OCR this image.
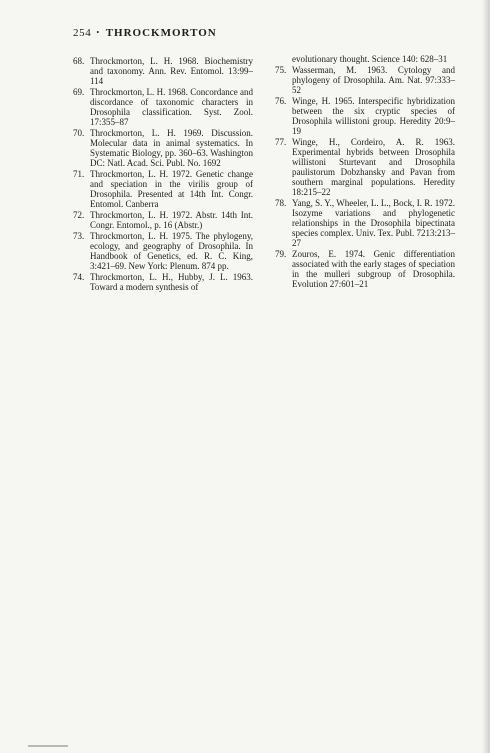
254 • THROCKMORTON
68. Throckmorton, L. H. 1968. Biochemistry and taxonomy. Ann. Rev. Entomol. 13:99–114
69. Throckmorton, L. H. 1968. Concordance and discordance of taxonomic characters in Drosophila classification. Syst. Zool. 17:355–87
70. Throckmorton, L. H. 1969. Discussion. Molecular data in animal systematics. In Systematic Biology, pp. 360–63. Washington DC: Natl. Acad. Sci. Publ. No. 1692
71. Throckmorton, L. H. 1972. Genetic change and speciation in the virilis group of Drosophila. Presented at 14th Int. Congr. Entomol. Canberra
72. Throckmorton, L. H. 1972. Abstr. 14th Int. Congr. Entomol., p. 16 (Abstr.)
73. Throckmorton, L. H. 1975. The phylogeny, ecology, and geography of Drosophila. In Handbook of Genetics, ed. R. C. King, 3:421–69. New York: Plenum. 874 pp.
74. Throckmorton, L. H., Hubby, J. L. 1963. Toward a modern synthesis of
evolutionary thought. Science 140: 628–31
75. Wasserman, M. 1963. Cytology and phylogeny of Drosophila. Am. Nat. 97:333–52
76. Winge, H. 1965. Interspecific hybridization between the six cryptic species of Drosophila willistoni group. Heredity 20:9–19
77. Winge, H., Cordeiro, A. R. 1963. Experimental hybrids between Drosophila willistoni Sturtevant and Drosophila paulistorum Dobzhansky and Pavan from southern marginal populations. Heredity 18:215–22
78. Yang, S. Y., Wheeler, L. L., Bock, I. R. 1972. Isozyme variations and phylogenetic relationships in the Drosophila bipectinata species complex. Univ. Tex. Publ. 7213:213–27
79. Zouros, E. 1974. Genic differentiation associated with the early stages of speciation in the mulleri subgroup of Drosophila. Evolution 27:601–21
